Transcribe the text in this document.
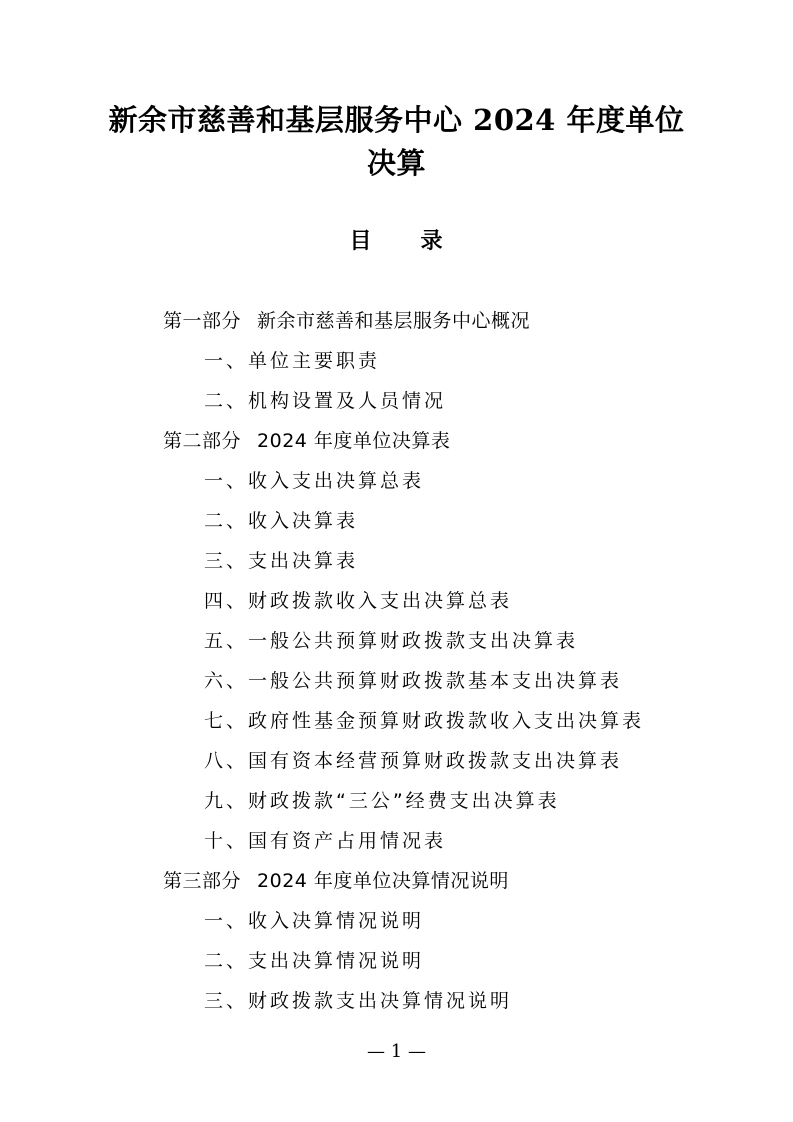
新余市慈善和基层服务中心 2024 年度单位
决算
目 录
第一部分 新余市慈善和基层服务中心概况
一、单位主要职责
二、机构设置及人员情况
第二部分 2024 年度单位决算表
一、收入支出决算总表
二、收入决算表
三、支出决算表
四、财政拨款收入支出决算总表
五、一般公共预算财政拨款支出决算表
六、一般公共预算财政拨款基本支出决算表
七、政府性基金预算财政拨款收入支出决算表
八、国有资本经营预算财政拨款支出决算表
九、财政拨款“三公”经费支出决算表
十、国有资产占用情况表
第三部分 2024 年度单位决算情况说明
一、收入决算情况说明
二、支出决算情况说明
三、财政拨款支出决算情况说明
— 1 —
